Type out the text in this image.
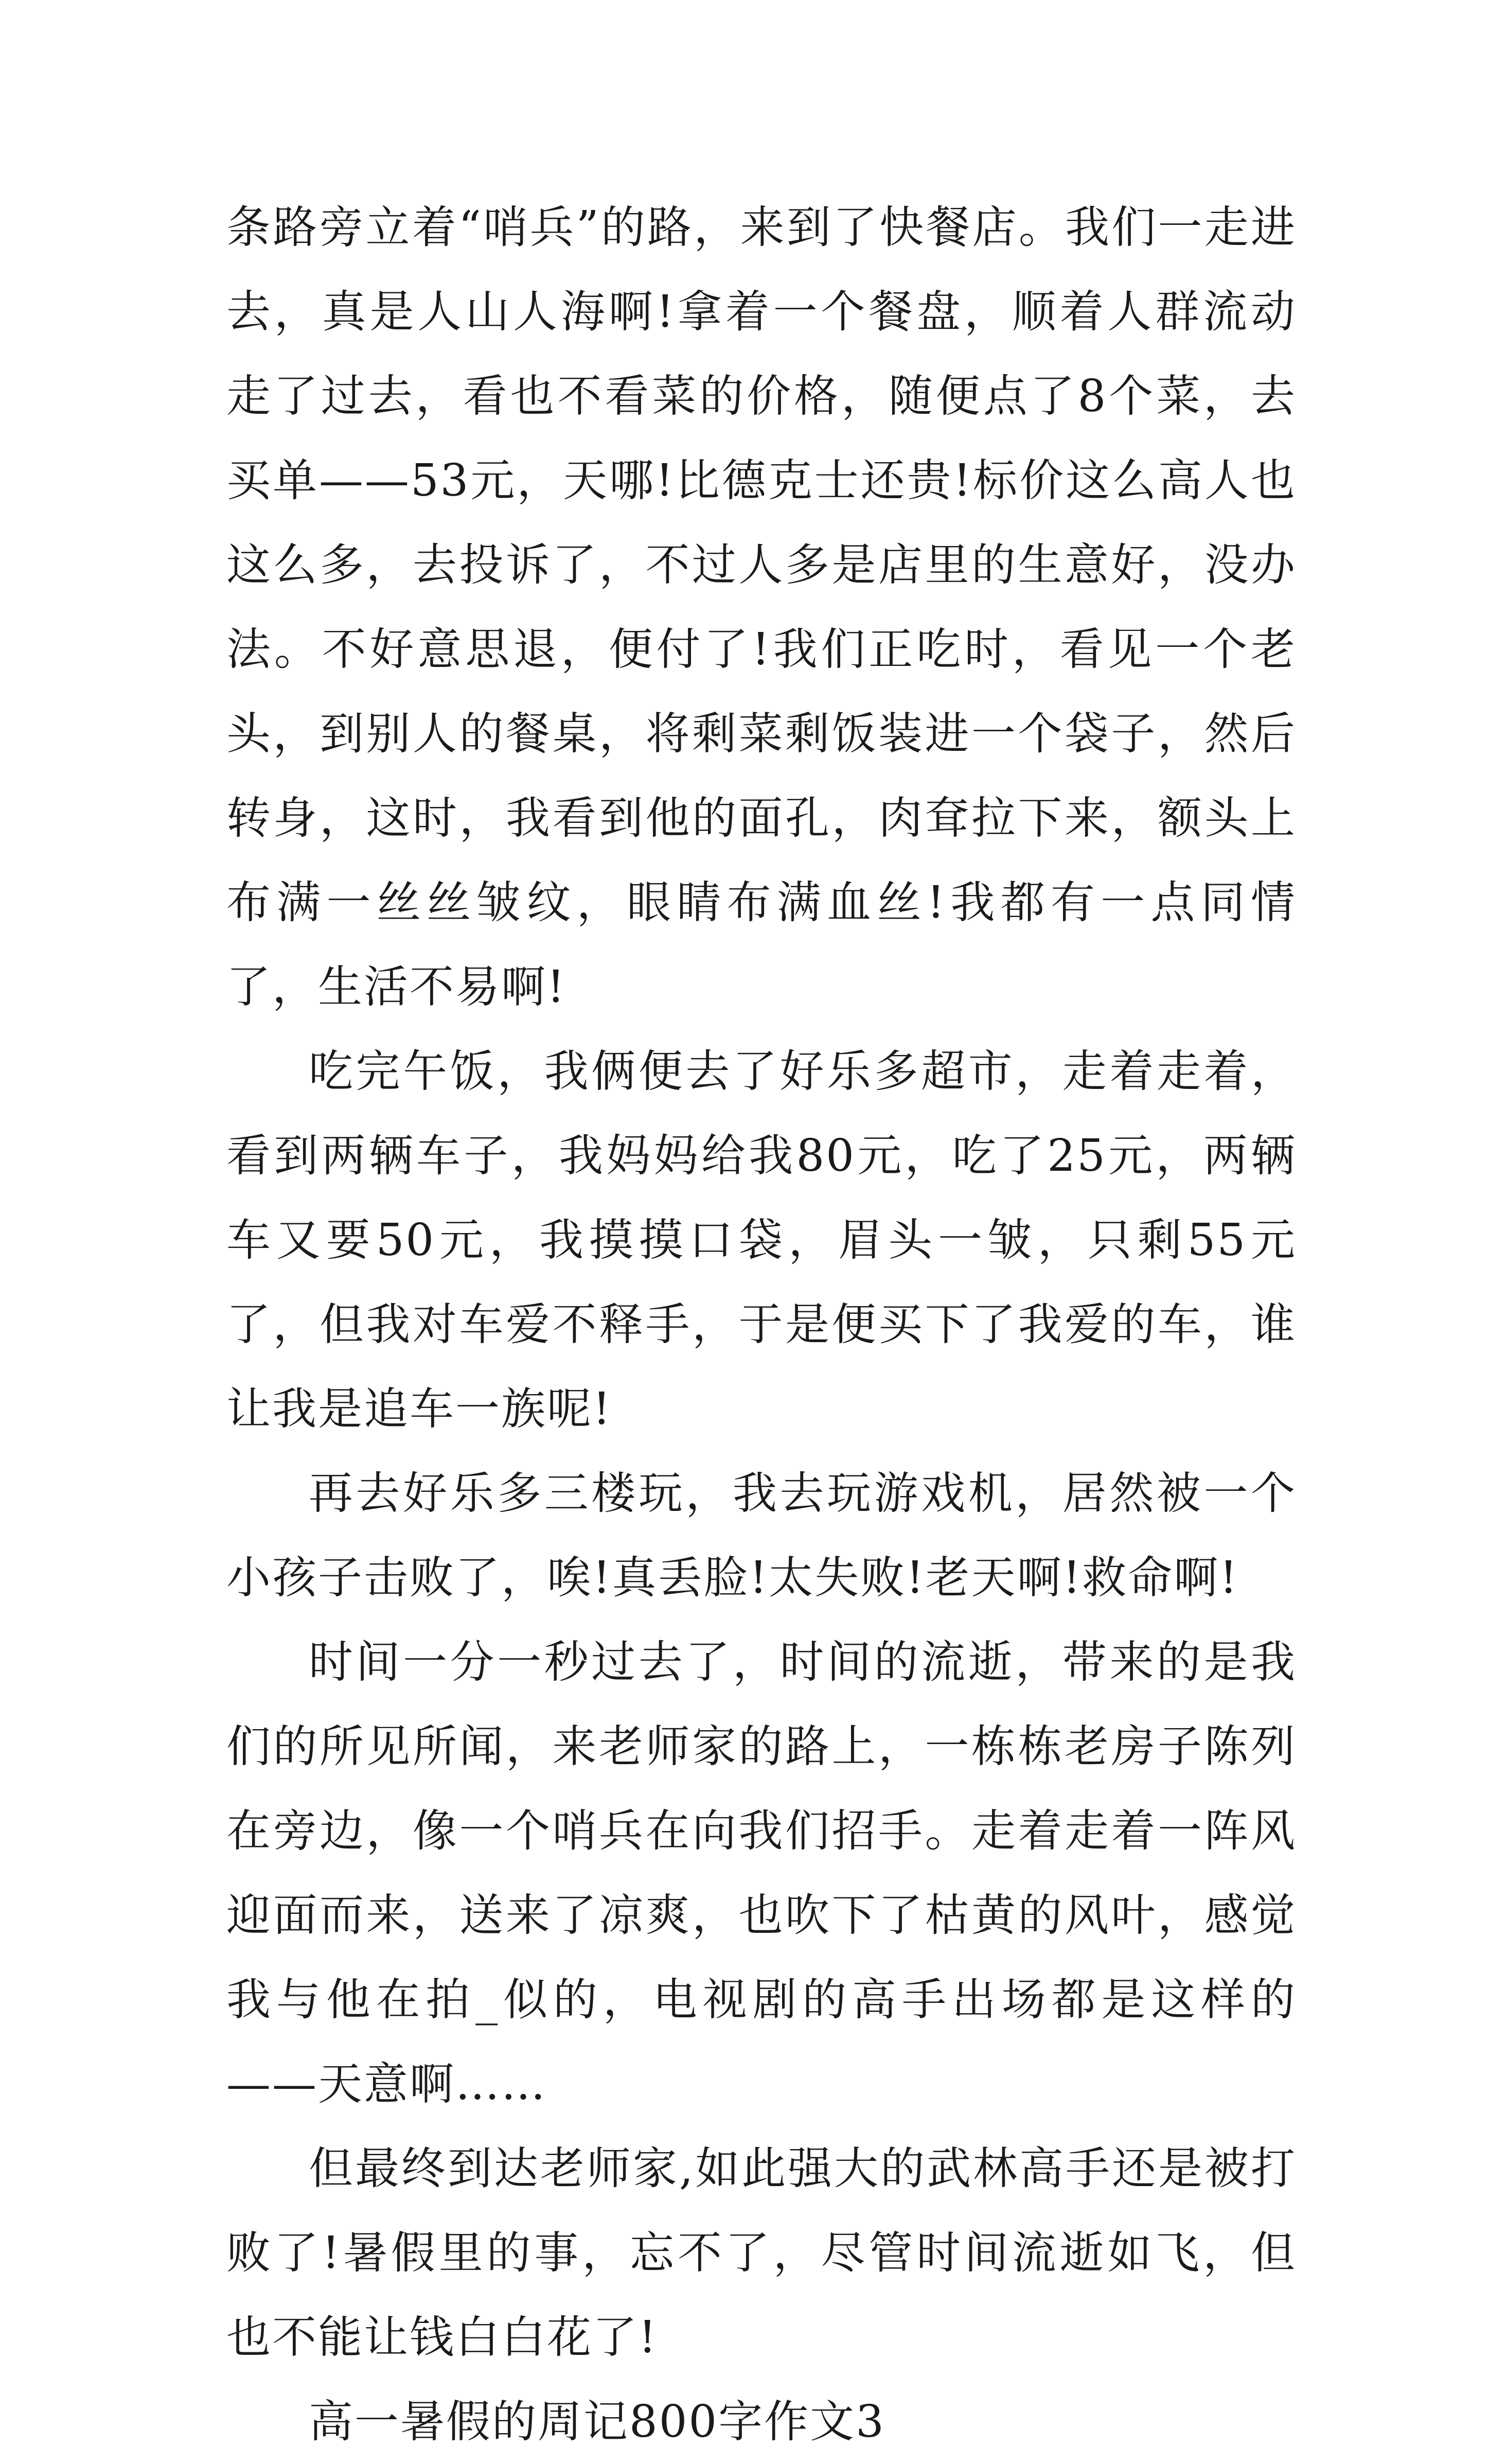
条路旁立着“哨兵”的路，来到了快餐店。我们一走进去，真是人山人海啊!拿着一个餐盘，顺着人群流动走了过去，看也不看菜的价格，随便点了8个菜，去买单——53元，天哪!比德克士还贵!标价这么高人也这么多，去投诉了，不过人多是店里的生意好，没办法。不好意思退，便付了!我们正吃时，看见一个老头，到别人的餐桌，将剩菜剩饭装进一个袋子，然后转身，这时，我看到他的面孔，肉耷拉下来，额头上布满一丝丝皱纹，眼睛布满血丝!我都有一点同情了，生活不易啊!

吃完午饭，我俩便去了好乐多超市，走着走着，看到两辆车子，我妈妈给我80元，吃了25元，两辆车又要50元，我摸摸口袋，眉头一皱，只剩55元了，但我对车爱不释手，于是便买下了我爱的车，谁让我是追车一族呢!

再去好乐多三楼玩，我去玩游戏机，居然被一个小孩子击败了，唉!真丢脸!太失败!老天啊!救命啊!

时间一分一秒过去了，时间的流逝，带来的是我们的所见所闻，来老师家的路上，一栋栋老房子陈列在旁边，像一个哨兵在向我们招手。走着走着一阵风迎面而来，送来了凉爽，也吹下了枯黄的风叶，感觉我与他在拍_似的，电视剧的高手出场都是这样的——天意啊……

但最终到达老师家,如此强大的武林高手还是被打败了!暑假里的事，忘不了，尽管时间流逝如飞，但也不能让钱白白花了!

高一暑假的周记800字作文3
